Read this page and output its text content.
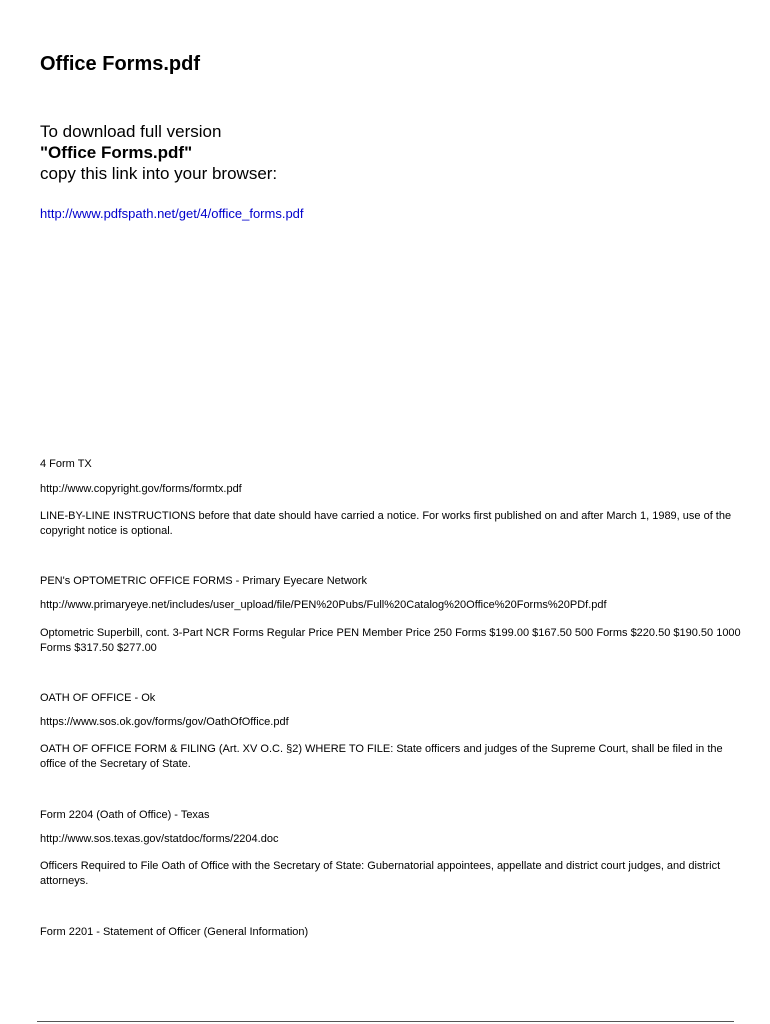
Office Forms.pdf
To download full version
"Office Forms.pdf"
copy this link into your browser:
http://www.pdfspath.net/get/4/office_forms.pdf
4 Form TX
http://www.copyright.gov/forms/formtx.pdf
LINE-BY-LINE INSTRUCTIONS before that date should have carried a notice. For works first published on and after March 1, 1989, use of the copyright notice is optional.
PEN's OPTOMETRIC OFFICE FORMS - Primary Eyecare Network
http://www.primaryeye.net/includes/user_upload/file/PEN%20Pubs/Full%20Catalog%20Office%20Forms%20PDf.pdf
Optometric Superbill, cont. 3-Part NCR Forms Regular Price PEN Member Price 250 Forms $199.00 $167.50 500 Forms $220.50 $190.50 1000 Forms $317.50 $277.00
OATH OF OFFICE - Ok
https://www.sos.ok.gov/forms/gov/OathOfOffice.pdf
OATH OF OFFICE FORM & FILING (Art. XV O.C. §2) WHERE TO FILE: State officers and judges of the Supreme Court, shall be filed in the office of the Secretary of State.
Form 2204 (Oath of Office) - Texas
http://www.sos.texas.gov/statdoc/forms/2204.doc
Officers Required to File Oath of Office with the Secretary of State: Gubernatorial appointees, appellate and district court judges, and district attorneys.
Form 2201 - Statement of Officer (General Information)
